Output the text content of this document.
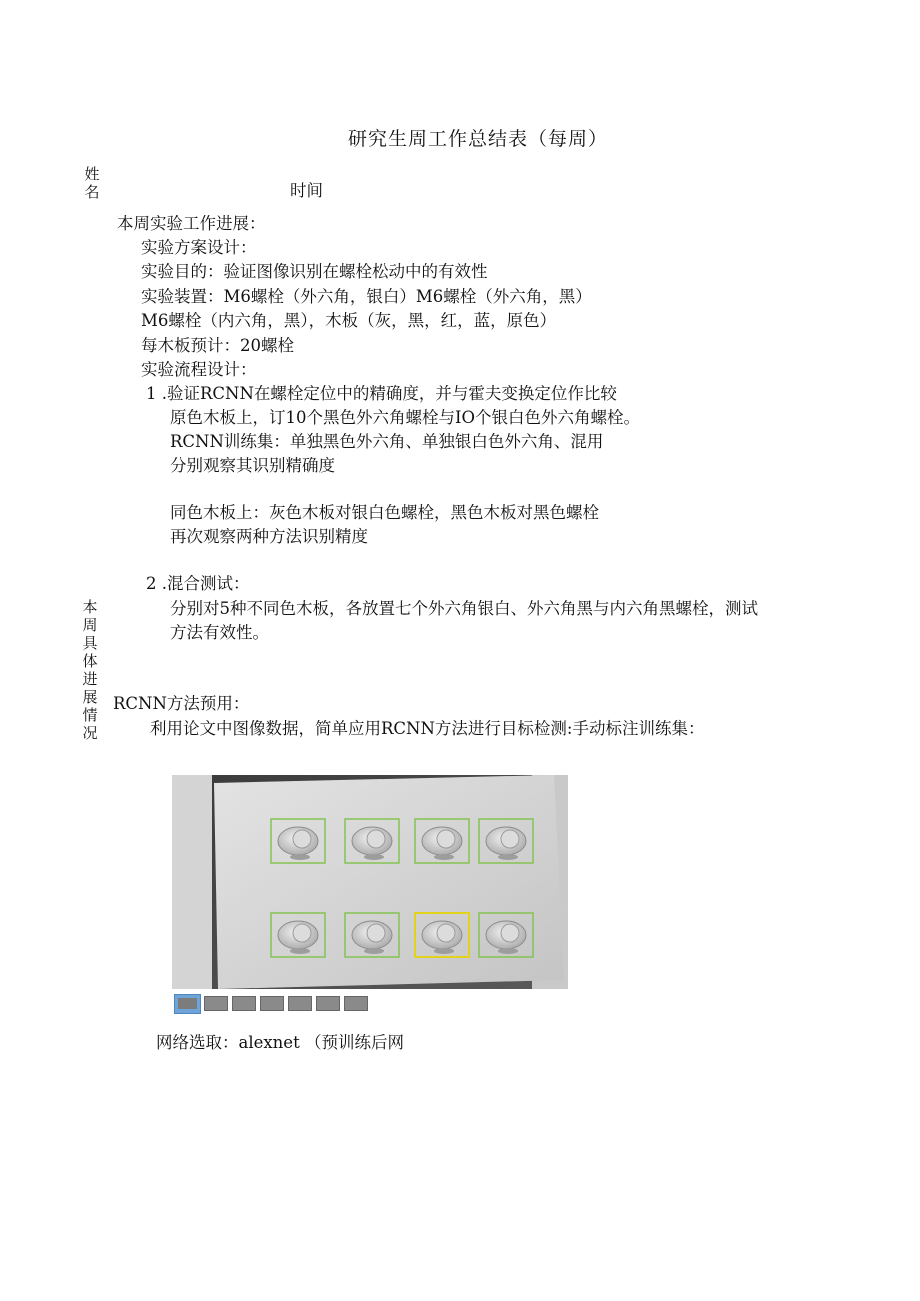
研究生周工作总结表（每周）
姓
名	时间
本
周
具
体
进
展
情
况
本周实验工作进展：
实验方案设计：
实验目的：验证图像识别在螺栓松动中的有效性
实验装置：M6螺栓（外六角，银白）M6螺栓（外六角，黑）
M6螺栓（内六角，黑），木板（灰，黑，红，蓝，原色）
每木板预计：20螺栓
实验流程设计：
1 .验证RCNN在螺栓定位中的精确度，并与霍夫变换定位作比较
原色木板上，订10个黑色外六角螺栓与IO个银白色外六角螺栓。
RCNN训练集：单独黑色外六角、单独银白色外六角、混用
分别观察其识别精确度
同色木板上：灰色木板对银白色螺栓，黑色木板对黑色螺栓
再次观察两种方法识别精度
2 .混合测试：
分别对5种不同色木板，各放置七个外六角银白、外六角黑与内六角黑螺栓，测试
方法有效性。
RCNN方法预用：
利用论文中图像数据，简单应用RCNN方法进行目标检测:手动标注训练集：
网络选取：alexnet （预训练后网
